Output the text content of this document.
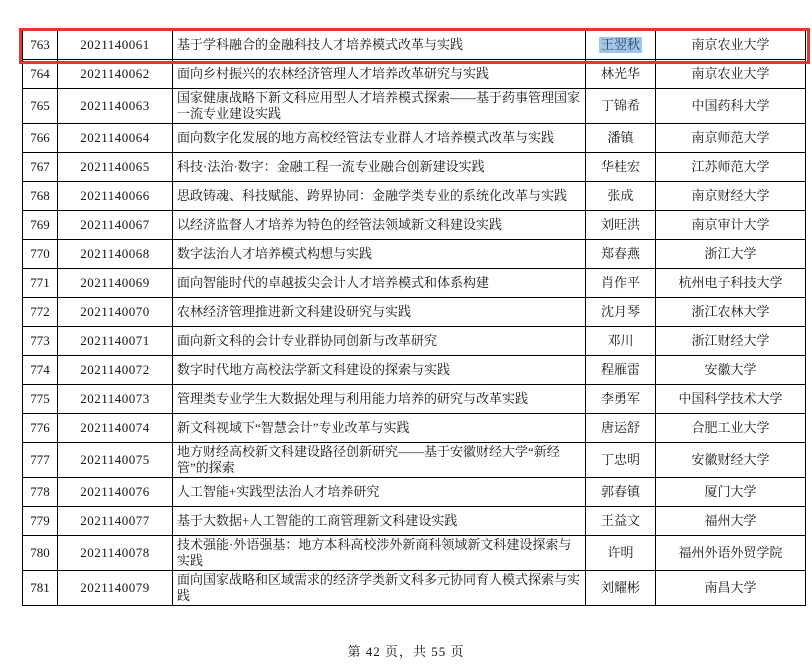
763	2021140061	基于学科融合的金融科技人才培养模式改革与实践	王翌秋	南京农业大学
764	2021140062	面向乡村振兴的农林经济管理人才培养改革研究与实践	林光华	南京农业大学
765	2021140063	国家健康战略下新文科应用型人才培养模式探索——基于药事管理国家一流专业建设实践	丁锦希	中国药科大学
766	2021140064	面向数字化发展的地方高校经管法专业群人才培养模式改革与实践	潘镇	南京师范大学
767	2021140065	科技·法治·数字：金融工程一流专业融合创新建设实践	华桂宏	江苏师范大学
768	2021140066	思政铸魂、科技赋能、跨界协同：金融学类专业的系统化改革与实践	张成	南京财经大学
769	2021140067	以经济监督人才培养为特色的经管法领域新文科建设实践	刘旺洪	南京审计大学
770	2021140068	数字法治人才培养模式构想与实践	郑春燕	浙江大学
771	2021140069	面向智能时代的卓越拔尖会计人才培养模式和体系构建	肖作平	杭州电子科技大学
772	2021140070	农林经济管理推进新文科建设研究与实践	沈月琴	浙江农林大学
773	2021140071	面向新文科的会计专业群协同创新与改革研究	邓川	浙江财经大学
774	2021140072	数字时代地方高校法学新文科建设的探索与实践	程雁雷	安徽大学
775	2021140073	管理类专业学生大数据处理与利用能力培养的研究与改革实践	李勇军	中国科学技术大学
776	2021140074	新文科视域下“智慧会计”专业改革与实践	唐运舒	合肥工业大学
777	2021140075	地方财经高校新文科建设路径创新研究——基于安徽财经大学“新经管”的探索	丁忠明	安徽财经大学
778	2021140076	人工智能+实践型法治人才培养研究	郭春镇	厦门大学
779	2021140077	基于大数据+人工智能的工商管理新文科建设实践	王益文	福州大学
780	2021140078	技术强能·外语强基：地方本科高校涉外新商科领域新文科建设探索与实践	许明	福州外语外贸学院
781	2021140079	面向国家战略和区域需求的经济学类新文科多元协同育人模式探索与实践	刘耀彬	南昌大学
第 42 页，共 55 页
